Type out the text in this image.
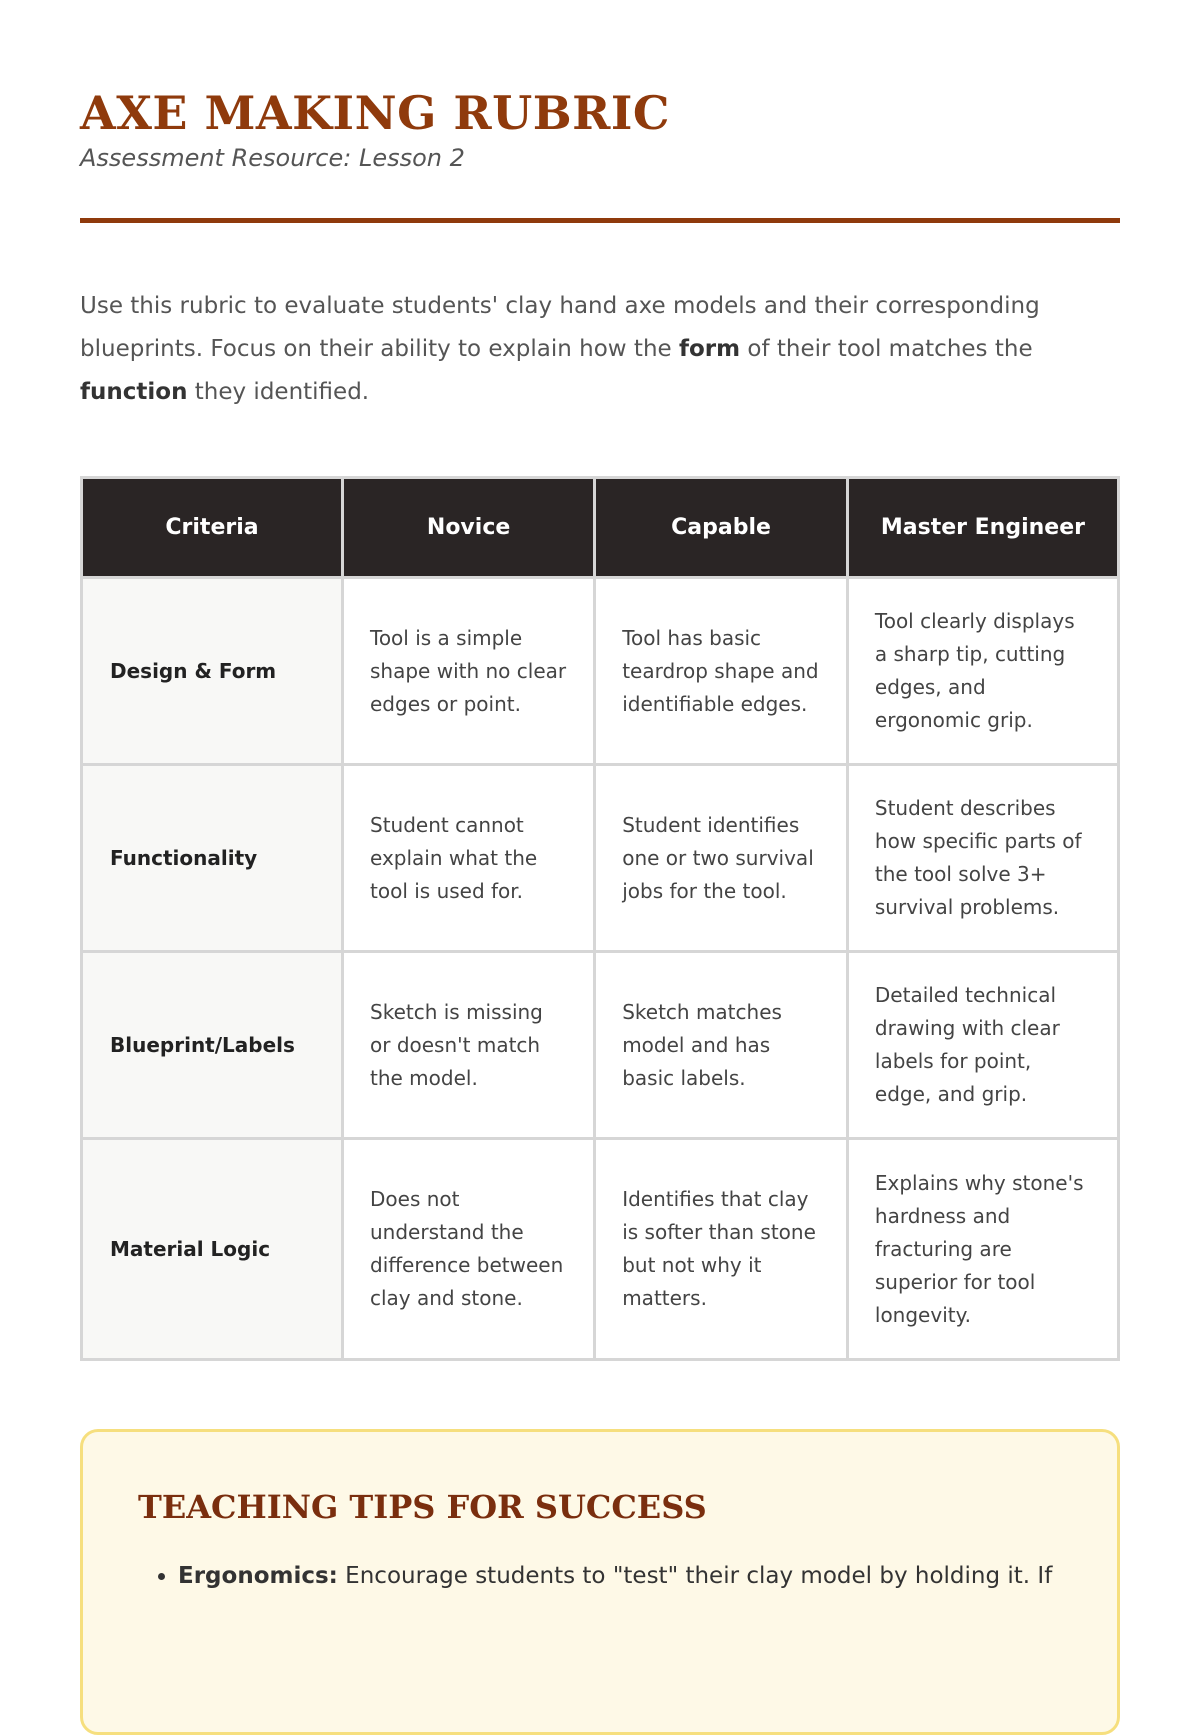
AXE MAKING RUBRIC
Assessment Resource: Lesson 2

Use this rubric to evaluate students' clay hand axe models and their corresponding blueprints. Focus on their ability to explain how the form of their tool matches the function they identified.

Criteria	Novice	Capable	Master Engineer
Design & Form	Tool is a simple shape with no clear edges or point.	Tool has basic teardrop shape and identifiable edges.	Tool clearly displays a sharp tip, cutting edges, and ergonomic grip.
Functionality	Student cannot explain what the tool is used for.	Student identifies one or two survival jobs for the tool.	Student describes how specific parts of the tool solve 3+ survival problems.
Blueprint/Labels	Sketch is missing or doesn't match the model.	Sketch matches model and has basic labels.	Detailed technical drawing with clear labels for point, edge, and grip.
Material Logic	Does not understand the difference between clay and stone.	Identifies that clay is softer than stone but not why it matters.	Explains why stone's hardness and fracturing are superior for tool longevity.
TEACHING TIPS FOR SUCCESS
• Ergonomics: Encourage students to "test" their clay model by holding it. If
